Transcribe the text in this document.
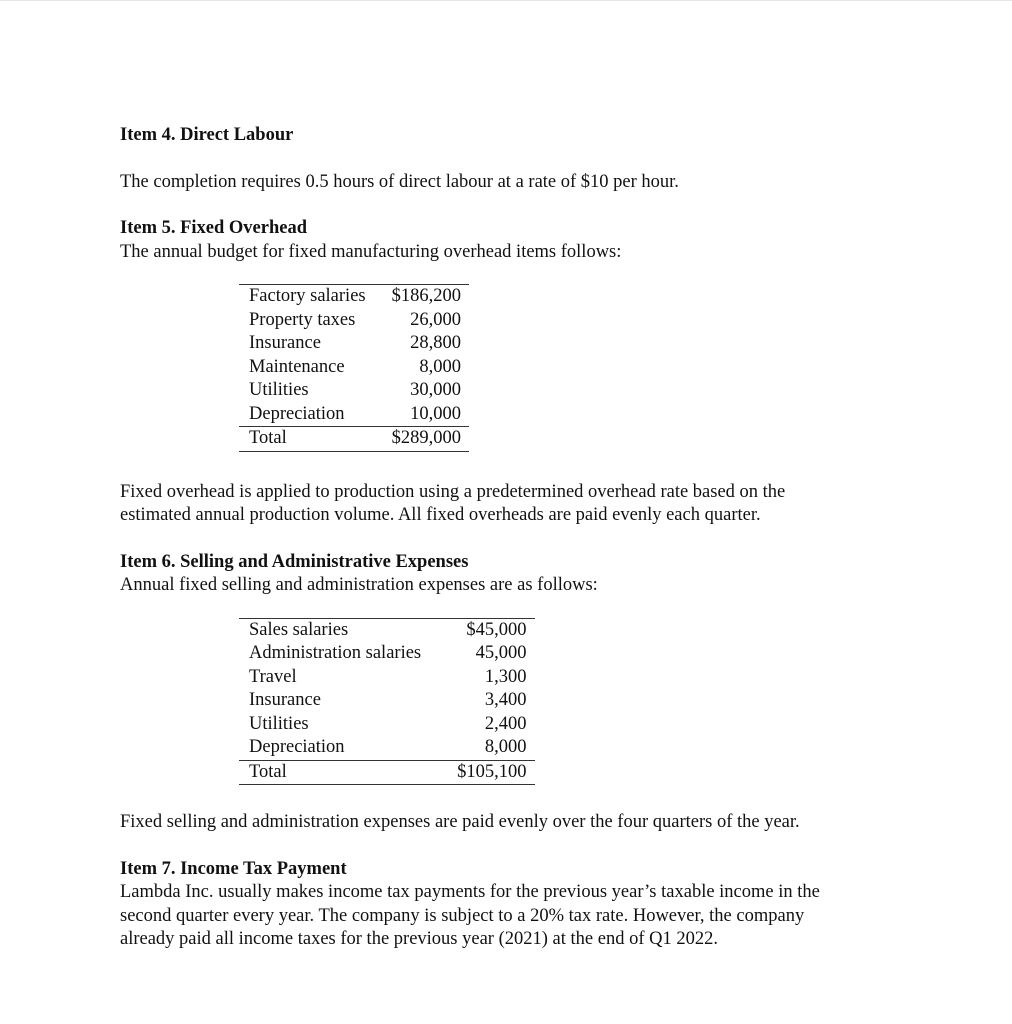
Item 4. Direct Labour

The completion requires 0.5 hours of direct labour at a rate of $10 per hour.

Item 5. Fixed Overhead

The annual budget for fixed manufacturing overhead items follows:

Factory salaries	$186,200
Property taxes	26,000
Insurance	28,800
Maintenance	8,000
Utilities	30,000
Depreciation	10,000
Total	$289,000

Fixed overhead is applied to production using a predetermined overhead rate based on the

estimated annual production volume. All fixed overheads are paid evenly each quarter.

Item 6. Selling and Administrative Expenses

Annual fixed selling and administration expenses are as follows:

Sales salaries	$45,000
Administration salaries	45,000
Travel	1,300
Insurance	3,400
Utilities	2,400
Depreciation	8,000
Total	$105,100

Fixed selling and administration expenses are paid evenly over the four quarters of the year.

Item 7. Income Tax Payment

Lambda Inc. usually makes income tax payments for the previous year’s taxable income in the

second quarter every year. The company is subject to a 20% tax rate. However, the company

already paid all income taxes for the previous year (2021) at the end of Q1 2022.
